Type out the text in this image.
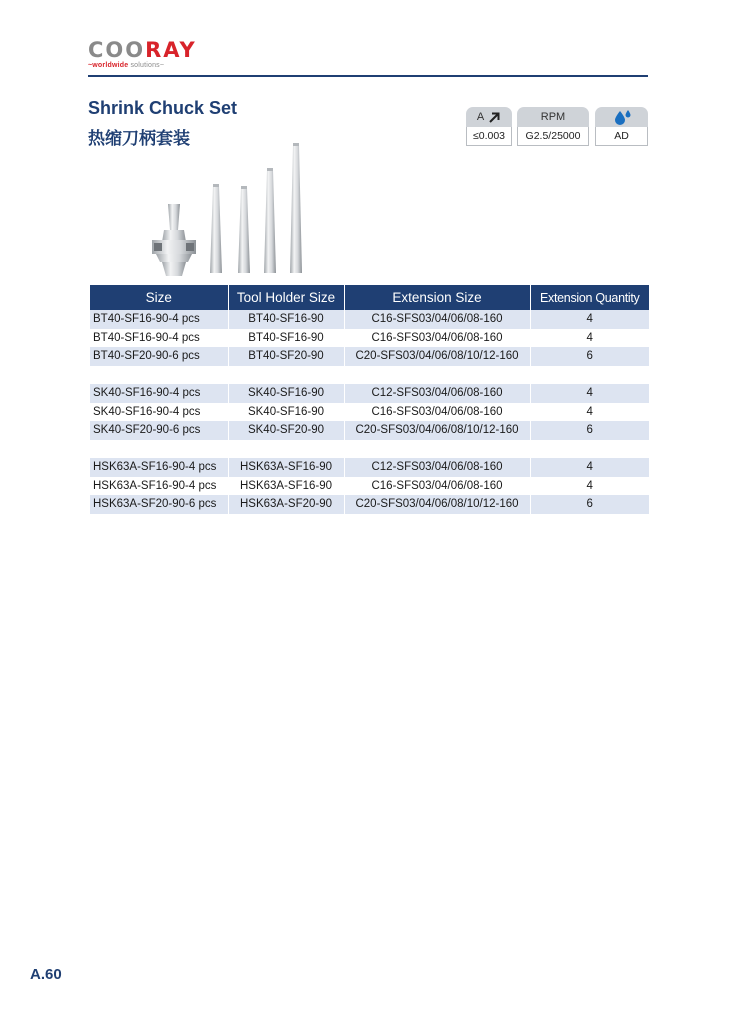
COORAY
~worldwide solutions~
Shrink Chuck Set
热缩刀柄套装
A
≤0.003
RPM
G2.5/25000	AD
Size	Tool Holder Size	Extension Size	Extension Quantity
BT40-SF16-90-4 pcs	BT40-SF16-90	C16-SFS03/04/06/08-160	4
BT40-SF16-90-4 pcs	BT40-SF16-90	C16-SFS03/04/06/08-160	4
BT40-SF20-90-6 pcs	BT40-SF20-90	C20-SFS03/04/06/08/10/12-160	6

SK40-SF16-90-4 pcs	SK40-SF16-90	C12-SFS03/04/06/08-160	4
SK40-SF16-90-4 pcs	SK40-SF16-90	C16-SFS03/04/06/08-160	4
SK40-SF20-90-6 pcs	SK40-SF20-90	C20-SFS03/04/06/08/10/12-160	6

HSK63A-SF16-90-4 pcs	HSK63A-SF16-90	C12-SFS03/04/06/08-160	4
HSK63A-SF16-90-4 pcs	HSK63A-SF16-90	C16-SFS03/04/06/08-160	4
HSK63A-SF20-90-6 pcs	HSK63A-SF20-90	C20-SFS03/04/06/08/10/12-160	6
A.60
